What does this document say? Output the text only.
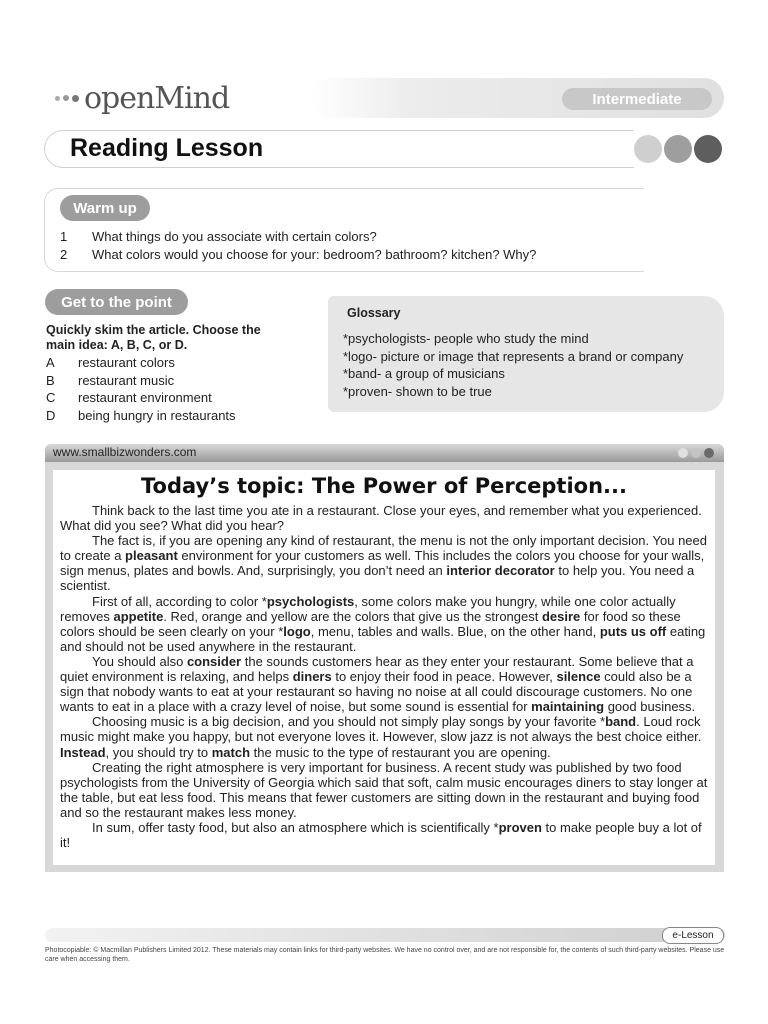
openMind	Intermediate
Reading Lesson
Warm up
1	What things do you associate with certain colors?
2	What colors would you choose for your: bedroom? bathroom? kitchen? Why?
Get to the point
Quickly skim the article. Choose the main idea: A, B, C, or D.
A	restaurant colors
B	restaurant music
C	restaurant environment
D	being hungry in restaurants
Glossary
*psychologists- people who study the mind
*logo- picture or image that represents a brand or company
*band- a group of musicians
*proven- shown to be true
www.smallbizwonders.com
Today’s topic: The Power of Perception...

Think back to the last time you ate in a restaurant. Close your eyes, and remember what you experienced. What did you see? What did you hear?

The fact is, if you are opening any kind of restaurant, the menu is not the only important decision. You need to create a pleasant environment for your customers as well. This includes the colors you choose for your walls, sign menus, plates and bowls. And, surprisingly, you don’t need an interior decorator to help you. You need a scientist.

First of all, according to color *psychologists, some colors make you hungry, while one color actually removes appetite. Red, orange and yellow are the colors that give us the strongest desire for food so these colors should be seen clearly on your *logo, menu, tables and walls. Blue, on the other hand, puts us off eating and should not be used anywhere in the restaurant.

You should also consider the sounds customers hear as they enter your restaurant. Some believe that a quiet environment is relaxing, and helps diners to enjoy their food in peace. However, silence could also be a sign that nobody wants to eat at your restaurant so having no noise at all could discourage customers. No one wants to eat in a place with a crazy level of noise, but some sound is essential for maintaining good business.

Choosing music is a big decision, and you should not simply play songs by your favorite *band. Loud rock music might make you happy, but not everyone loves it. However, slow jazz is not always the best choice either. Instead, you should try to match the music to the type of restaurant you are opening.

Creating the right atmosphere is very important for business. A recent study was published by two food psychologists from the University of Georgia which said that soft, calm music encourages diners to stay longer at the table, but eat less food. This means that fewer customers are sitting down in the restaurant and buying food and so the restaurant makes less money.

In sum, offer tasty food, but also an atmosphere which is scientifically *proven to make people buy a lot of it!

e-Lesson
Photocopiable: © Macmillan Publishers Limited 2012. These materials may contain links for third-party websites. We have no control over, and are not responsible for, the contents of such third-party websites. Please use care when accessing them.
